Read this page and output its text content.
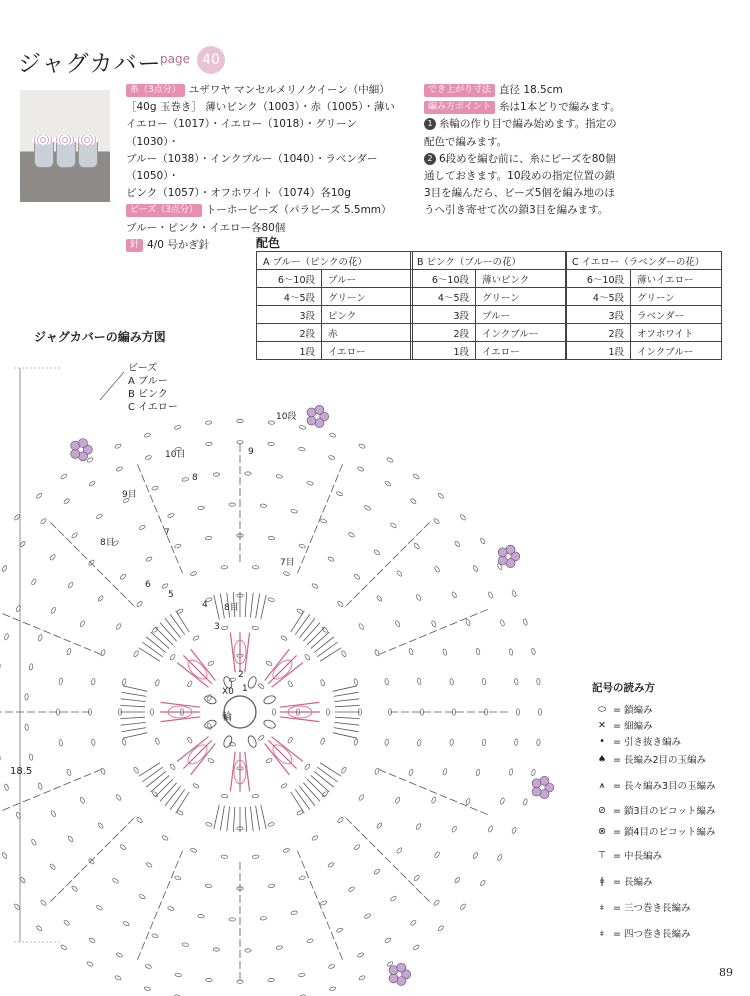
ジャグカバー
page 40
糸（3点分） ユザワヤ マンセルメリノクイーン（中細）
［40g 玉巻き］ 薄いピンク（1003）・赤（1005）・薄い
イエロー（1017）・イエロー（1018）・グリーン（1030）・
ブルー（1038）・インクブルー（1040）・ラベンダー（1050）・
ピンク（1057）・オフホワイト（1074）各10g
ビーズ（3点分） トーホービーズ（パラビーズ 5.5mm）
ブルー・ピンク・イエロー各80個
針 4/0 号かぎ針
でき上がり寸法 直径 18.5cm
編み方ポイント 糸は1本どりで編みます。
1 糸輪の作り目で編み始めます。指定の
配色で編みます。
2 6段めを編む前に、糸にビーズを80個
通しておきます。10段めの指定位置の鎖
3目を編んだら、ビーズ5個を編み地のほ
うへ引き寄せて次の鎖3目を編みます。
配色
A ブルー（ピンクの花）	
6〜10段	ブルー
4〜5段	グリーン
3段	ピンク
2段	赤
1段	イエロー
B ピンク（ブルーの花）	
6〜10段	薄いピンク
4〜5段	グリーン
3段	ブルー
2段	インクブルー
1段	イエロー
C イエロー（ラベンダーの花）	
6〜10段	薄いイエロー
4〜5段	グリーン
3段	ラベンダー
2段	オフホワイト
1段	インクブルー
ジャグカバーの編み方図
ビーズ
A ブルー
B ピンク
C イエロー
18.5
10段
10目
9目
8目
7目
8目
9
8
7
6
5
4
3
2
1
X0
輪
記号の読み方
⬭ = 鎖編み
✕ = 細編み
• = 引き抜き編み
♠ = 長編み2目の玉編み
⩚ = 長々編み3目の玉編み
⊘ = 鎖3目のピコット編み
⊗ = 鎖4目のピコット編み
⊤ = 中長編み
ǂ = 長編み
⧧ = 三つ巻き長編み
⧧ = 四つ巻き長編み
89
